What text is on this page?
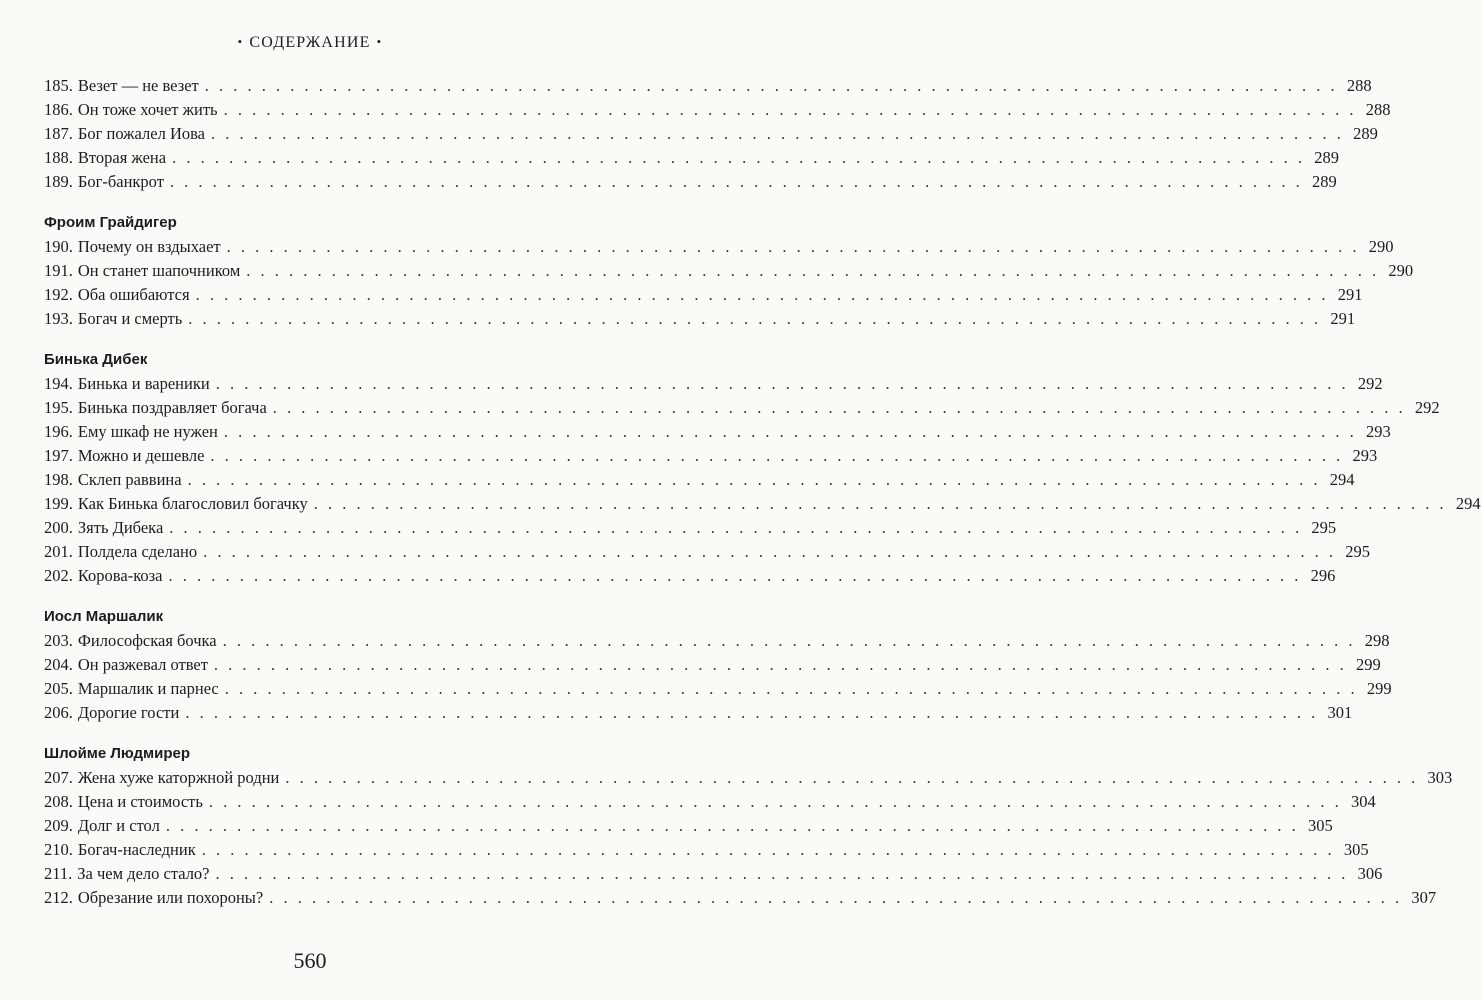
• СОДЕРЖАНИЕ •
185. Везет — не везет . . . . . . . . . . . . . . . . . . . . . . . . . . . . . . . . . . . . . . . . . . . . . . . . . . . . . . . . . . . . . . . . . . . . . . . . . . . . . . . . 288
186. Он тоже хочет жить . . . . . . . . . . . . . . . . . . . . . . . . . . . . . . . . . . . . . . . . . . . . . . . . . . . . . . . . . . . . . . . . . . . . . . . . . . . . . . . . 288
187. Бог пожалел Иова . . . . . . . . . . . . . . . . . . . . . . . . . . . . . . . . . . . . . . . . . . . . . . . . . . . . . . . . . . . . . . . . . . . . . . . . . . . . . . . . 289
188. Вторая жена . . . . . . . . . . . . . . . . . . . . . . . . . . . . . . . . . . . . . . . . . . . . . . . . . . . . . . . . . . . . . . . . . . . . . . . . . . . . . . . . 289
189. Бог-банкрот . . . . . . . . . . . . . . . . . . . . . . . . . . . . . . . . . . . . . . . . . . . . . . . . . . . . . . . . . . . . . . . . . . . . . . . . . . . . . . . . 289
Фроим Грайдигер
190. Почему он вздыхает . . . . . . . . . . . . . . . . . . . . . . . . . . . . . . . . . . . . . . . . . . . . . . . . . . . . . . . . . . . . . . . . . . . . . . . . . . . . . . . . 290
191. Он станет шапочником . . . . . . . . . . . . . . . . . . . . . . . . . . . . . . . . . . . . . . . . . . . . . . . . . . . . . . . . . . . . . . . . . . . . . . . . . . . . . . . . 290
192. Оба ошибаются . . . . . . . . . . . . . . . . . . . . . . . . . . . . . . . . . . . . . . . . . . . . . . . . . . . . . . . . . . . . . . . . . . . . . . . . . . . . . . . . 291
193. Богач и смерть . . . . . . . . . . . . . . . . . . . . . . . . . . . . . . . . . . . . . . . . . . . . . . . . . . . . . . . . . . . . . . . . . . . . . . . . . . . . . . . . 291
Бинька Дибек
194. Бинька и вареники . . . . . . . . . . . . . . . . . . . . . . . . . . . . . . . . . . . . . . . . . . . . . . . . . . . . . . . . . . . . . . . . . . . . . . . . . . . . . . . . 292
195. Бинька поздравляет богача . . . . . . . . . . . . . . . . . . . . . . . . . . . . . . . . . . . . . . . . . . . . . . . . . . . . . . . . . . . . . . . . . . . . . . . . . . . . . . . . 292
196. Ему шкаф не нужен . . . . . . . . . . . . . . . . . . . . . . . . . . . . . . . . . . . . . . . . . . . . . . . . . . . . . . . . . . . . . . . . . . . . . . . . . . . . . . . . 293
197. Можно и дешевле . . . . . . . . . . . . . . . . . . . . . . . . . . . . . . . . . . . . . . . . . . . . . . . . . . . . . . . . . . . . . . . . . . . . . . . . . . . . . . . . 293
198. Склеп раввина . . . . . . . . . . . . . . . . . . . . . . . . . . . . . . . . . . . . . . . . . . . . . . . . . . . . . . . . . . . . . . . . . . . . . . . . . . . . . . . . 294
199. Как Бинька благословил богачку . . . . . . . . . . . . . . . . . . . . . . . . . . . . . . . . . . . . . . . . . . . . . . . . . . . . . . . . . . . . . . . . . . . . . . . . . . . . . . . . 294
200. Зять Дибека . . . . . . . . . . . . . . . . . . . . . . . . . . . . . . . . . . . . . . . . . . . . . . . . . . . . . . . . . . . . . . . . . . . . . . . . . . . . . . . . 295
201. Полдела сделано . . . . . . . . . . . . . . . . . . . . . . . . . . . . . . . . . . . . . . . . . . . . . . . . . . . . . . . . . . . . . . . . . . . . . . . . . . . . . . . . 295
202. Корова-коза . . . . . . . . . . . . . . . . . . . . . . . . . . . . . . . . . . . . . . . . . . . . . . . . . . . . . . . . . . . . . . . . . . . . . . . . . . . . . . . . 296
Иосл Маршалик
203. Философская бочка . . . . . . . . . . . . . . . . . . . . . . . . . . . . . . . . . . . . . . . . . . . . . . . . . . . . . . . . . . . . . . . . . . . . . . . . . . . . . . . . 298
204. Он разжевал ответ . . . . . . . . . . . . . . . . . . . . . . . . . . . . . . . . . . . . . . . . . . . . . . . . . . . . . . . . . . . . . . . . . . . . . . . . . . . . . . . . 299
205. Маршалик и парнес . . . . . . . . . . . . . . . . . . . . . . . . . . . . . . . . . . . . . . . . . . . . . . . . . . . . . . . . . . . . . . . . . . . . . . . . . . . . . . . . 299
206. Дорогие гости . . . . . . . . . . . . . . . . . . . . . . . . . . . . . . . . . . . . . . . . . . . . . . . . . . . . . . . . . . . . . . . . . . . . . . . . . . . . . . . . 301
Шлойме Людмирер
207. Жена хуже каторжной родни . . . . . . . . . . . . . . . . . . . . . . . . . . . . . . . . . . . . . . . . . . . . . . . . . . . . . . . . . . . . . . . . . . . . . . . . . . . . . . . . 303
208. Цена и стоимость . . . . . . . . . . . . . . . . . . . . . . . . . . . . . . . . . . . . . . . . . . . . . . . . . . . . . . . . . . . . . . . . . . . . . . . . . . . . . . . . 304
209. Долг и стол . . . . . . . . . . . . . . . . . . . . . . . . . . . . . . . . . . . . . . . . . . . . . . . . . . . . . . . . . . . . . . . . . . . . . . . . . . . . . . . . 305
210. Богач-наследник . . . . . . . . . . . . . . . . . . . . . . . . . . . . . . . . . . . . . . . . . . . . . . . . . . . . . . . . . . . . . . . . . . . . . . . . . . . . . . . . 305
211. За чем дело стало? . . . . . . . . . . . . . . . . . . . . . . . . . . . . . . . . . . . . . . . . . . . . . . . . . . . . . . . . . . . . . . . . . . . . . . . . . . . . . . . . 306
212. Обрезание или похороны? . . . . . . . . . . . . . . . . . . . . . . . . . . . . . . . . . . . . . . . . . . . . . . . . . . . . . . . . . . . . . . . . . . . . . . . . . . . . . . . . 307
560
